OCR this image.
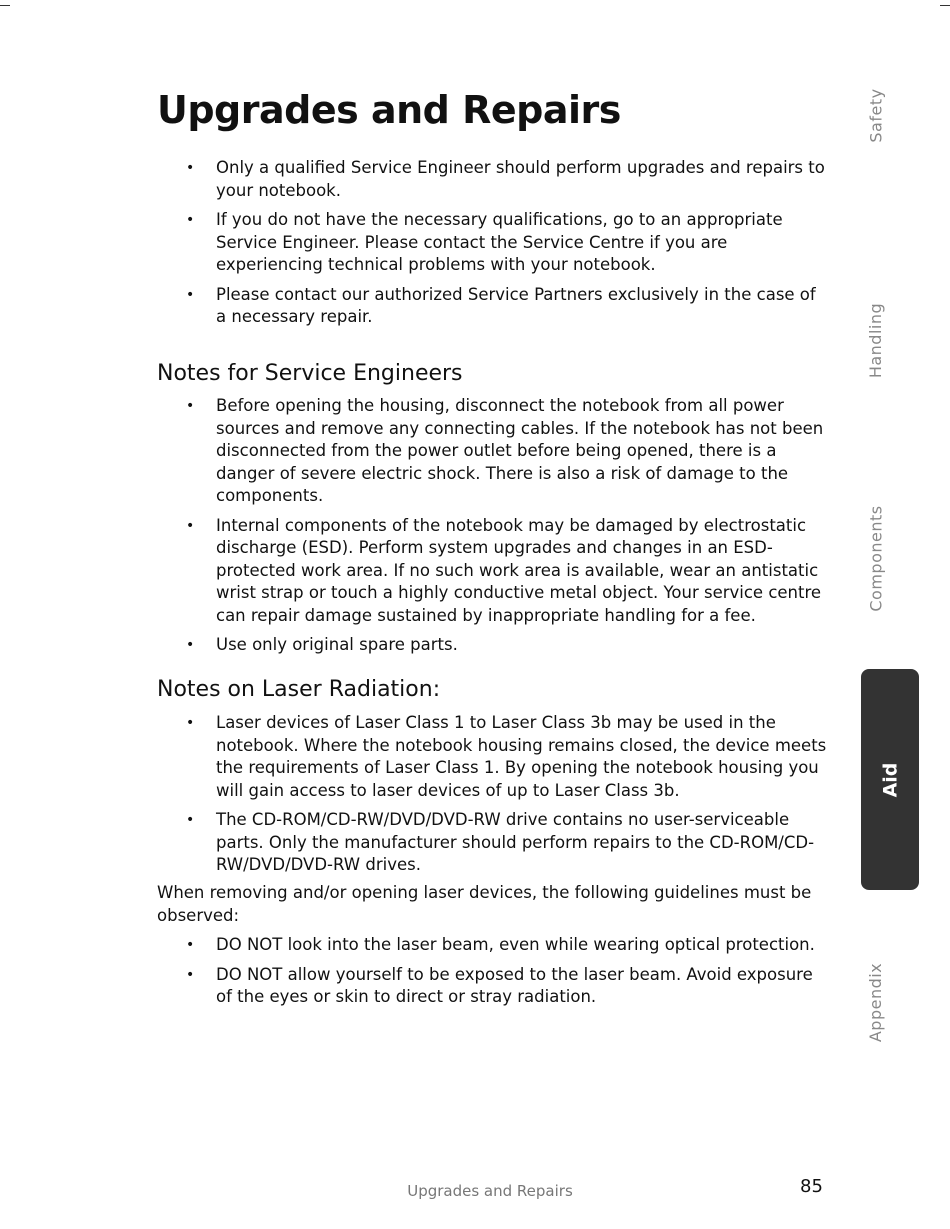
Upgrades and Repairs
• Only a qualified Service Engineer should perform upgrades and repairs to your notebook.
• If you do not have the necessary qualifications, go to an appropriate Service Engineer. Please contact the Service Centre if you are experiencing technical problems with your notebook.
• Please contact our authorized Service Partners exclusively in the case of a necessary repair.
Notes for Service Engineers
• Before opening the housing, disconnect the notebook from all power sources and remove any connecting cables. If the notebook has not been disconnected from the power outlet before being opened, there is a danger of severe electric shock. There is also a risk of damage to the components.
• Internal components of the notebook may be damaged by electrostatic discharge (ESD). Perform system upgrades and changes in an ESD-protected work area. If no such work area is available, wear an antistatic wrist strap or touch a highly conductive metal object. Your service centre can repair damage sustained by inappropriate handling for a fee.
• Use only original spare parts.
Notes on Laser Radiation:
• Laser devices of Laser Class 1 to Laser Class 3b may be used in the notebook. Where the notebook housing remains closed, the device meets the requirements of Laser Class 1. By opening the notebook housing you will gain access to laser devices of up to Laser Class 3b.
• The CD-ROM/CD-RW/DVD/DVD-RW drive contains no user-serviceable parts. Only the manufacturer should perform repairs to the CD-ROM/CD-RW/DVD/DVD-RW drives.

When removing and/or opening laser devices, the following guidelines must be observed:

• DO NOT look into the laser beam, even while wearing optical protection.
• DO NOT allow yourself to be exposed to the laser beam. Avoid exposure of the eyes or skin to direct or stray radiation.
Safety
Handling
Components
Aid
Appendix
Upgrades and Repairs	85
